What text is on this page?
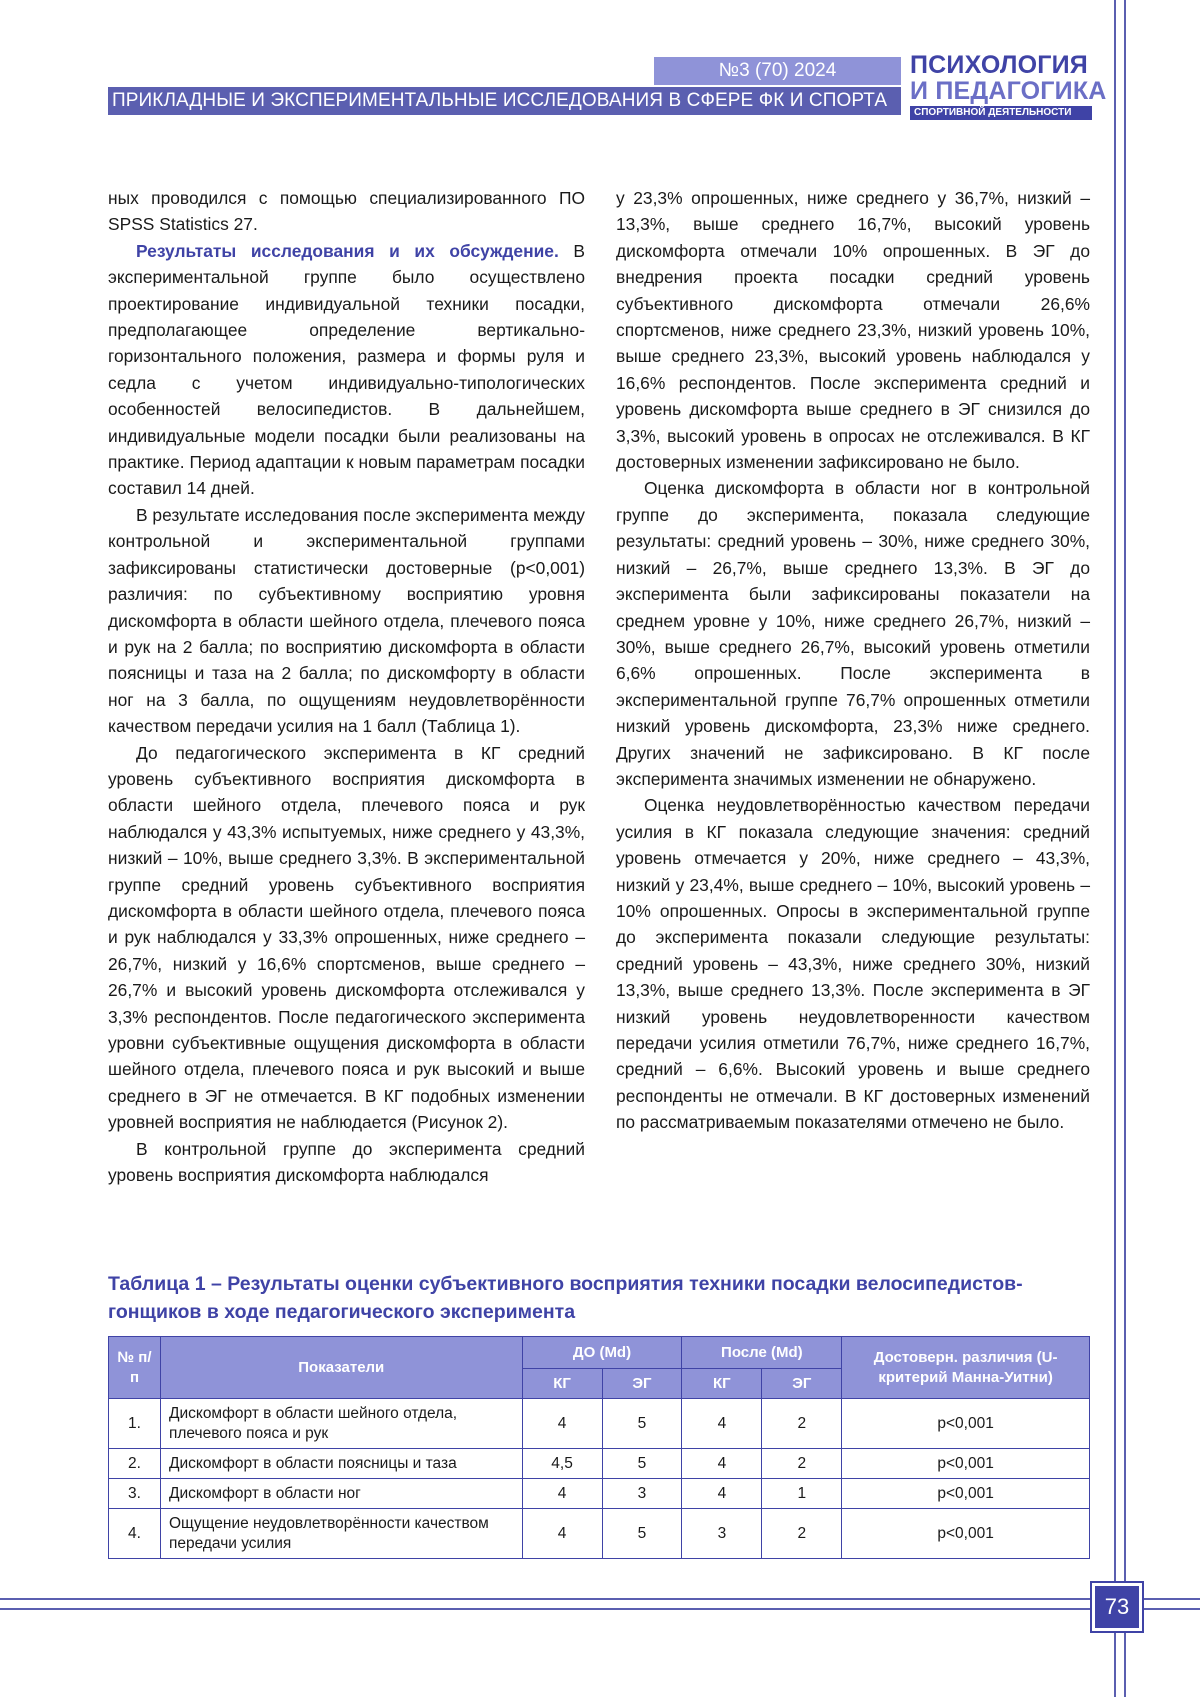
№3 (70) 2024
ПРИКЛАДНЫЕ И ЭКСПЕРИМЕНТАЛЬНЫЕ ИССЛЕДОВАНИЯ В СФЕРЕ ФК И СПОРТА
ПСИХОЛОГИЯ
И ПЕДАГОГИКА
СПОРТИВНОЙ ДЕЯТЕЛЬНОСТИ

ных проводился с помощью специализированного ПО SPSS Statistics 27.

Результаты исследования и их обсуждение. В экспериментальной группе было осуществлено проектирование индивидуальной техники посадки, предполагающее определение вертикально-горизонтального положения, размера и формы руля и седла с учетом индивидуально-типологических особенностей велосипедистов. В дальнейшем, индивидуальные модели посадки были реализованы на практике. Период адаптации к новым параметрам посадки составил 14 дней.

В результате исследования после эксперимента между контрольной и экспериментальной группами зафиксированы статистически достоверные (p<0,001) различия: по субъективному восприятию уровня дискомфорта в области шейного отдела, плечевого пояса и рук на 2 балла; по восприятию дискомфорта в области поясницы и таза на 2 балла; по дискомфорту в области ног на 3 балла, по ощущениям неудовлетворённости качеством передачи усилия на 1 балл (Таблица 1).

До педагогического эксперимента в КГ средний уровень субъективного восприятия дискомфорта в области шейного отдела, плечевого пояса и рук наблюдался у 43,3% испытуемых, ниже среднего у 43,3%, низкий – 10%, выше среднего 3,3%. В экспериментальной группе средний уровень субъективного восприятия дискомфорта в области шейного отдела, плечевого пояса и рук наблюдался у 33,3% опрошенных, ниже среднего – 26,7%, низкий у 16,6% спортсменов, выше среднего – 26,7% и высокий уровень дискомфорта отслеживался у 3,3% респондентов. После педагогического эксперимента уровни субъективные ощущения дискомфорта в области шейного отдела, плечевого пояса и рук высокий и выше среднего в ЭГ не отмечается. В КГ подобных изменении уровней восприятия не наблюдается (Рисунок 2).

В контрольной группе до эксперимента средний уровень восприятия дискомфорта наблюдался

у 23,3% опрошенных, ниже среднего у 36,7%, низкий – 13,3%, выше среднего 16,7%, высокий уровень дискомфорта отмечали 10% опрошенных. В ЭГ до внедрения проекта посадки средний уровень субъективного дискомфорта отмечали 26,6% спортсменов, ниже среднего 23,3%, низкий уровень 10%, выше среднего 23,3%, высокий уровень наблюдался у 16,6% респондентов. После эксперимента средний и уровень дискомфорта выше среднего в ЭГ снизился до 3,3%, высокий уровень в опросах не отслеживался. В КГ достоверных изменении зафиксировано не было.

Оценка дискомфорта в области ног в контрольной группе до эксперимента, показала следующие результаты: средний уровень – 30%, ниже среднего 30%, низкий – 26,7%, выше среднего 13,3%. В ЭГ до эксперимента были зафиксированы показатели на среднем уровне у 10%, ниже среднего 26,7%, низкий – 30%, выше среднего 26,7%, высокий уровень отметили 6,6% опрошенных. После эксперимента в экспериментальной группе 76,7% опрошенных отметили низкий уровень дискомфорта, 23,3% ниже среднего. Других значений не зафиксировано. В КГ после эксперимента значимых изменении не обнаружено.

Оценка неудовлетворённостью качеством передачи усилия в КГ показала следующие значения: средний уровень отмечается у 20%, ниже среднего – 43,3%, низкий у 23,4%, выше среднего – 10%, высокий уровень – 10% опрошенных. Опросы в экспериментальной группе до эксперимента показали следующие результаты: средний уровень – 43,3%, ниже среднего 30%, низкий 13,3%, выше среднего 13,3%. После эксперимента в ЭГ низкий уровень неудовлетворенности качеством передачи усилия отметили 76,7%, ниже среднего 16,7%, средний – 6,6%. Высокий уровень и выше среднего респонденты не отмечали. В КГ достоверных изменений по рассматриваемым показателями отмечено не было.

Таблица 1 – Результаты оценки субъективного восприятия техники посадки велосипедистов-гонщиков в ходе педагогического эксперимента
№ п/п	Показатели	ДО (Md)	После (Md)	Достоверн. различия (U-критерий Манна-Уитни)
КГ	ЭГ	КГ	ЭГ
1.	Дискомфорт в области шейного отдела, плечевого пояса и рук	4	5	4	2	p<0,001
2.	Дискомфорт в области поясницы и таза	4,5	5	4	2	p<0,001
3.	Дискомфорт в области ног	4	3	4	1	p<0,001
4.	Ощущение неудовлетворённости качеством передачи усилия	4	5	3	2	p<0,001
73
